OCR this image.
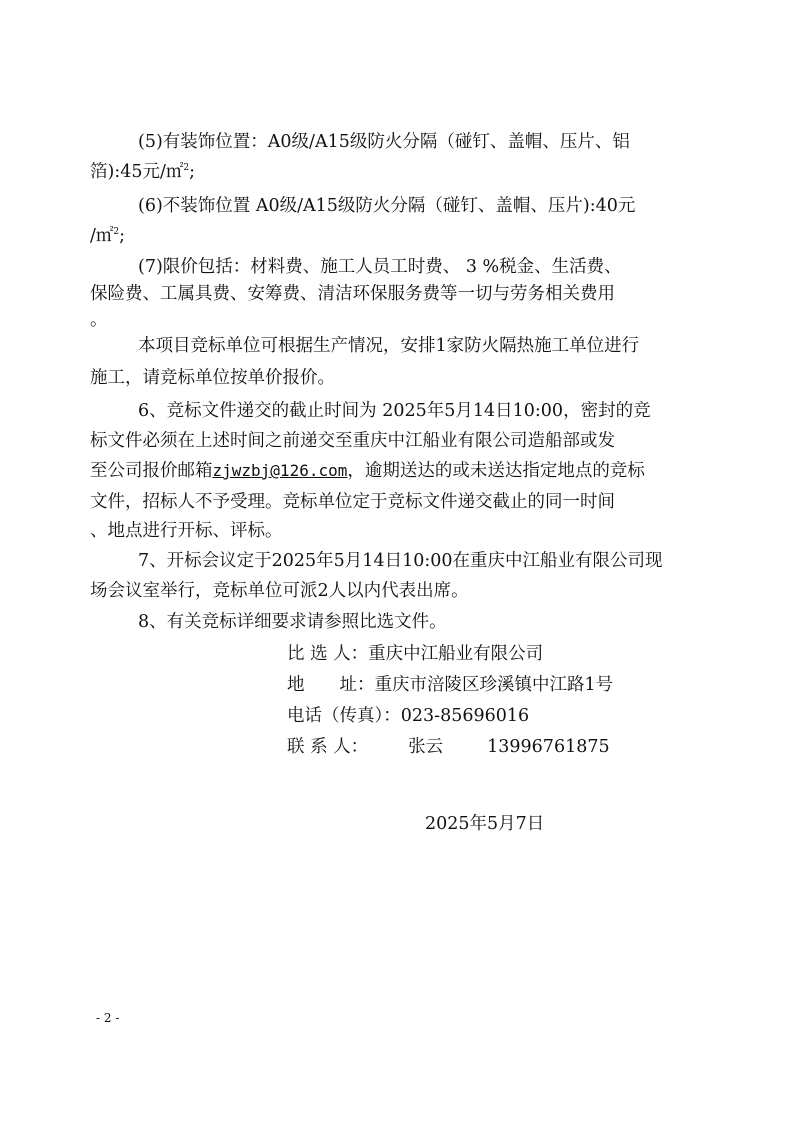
(5)有装饰位置：A0级/A15级防火分隔（碰钉、盖帽、压片、铝
箔):45元/㎡$^2$;
(6)不装饰位置 A0级/A15级防火分隔（碰钉、盖帽、压片):40元
/㎡$^2$;
(7)限价包括：材料费、施工人员工时费、 3 %税金、生活费、
保险费、工属具费、安筹费、清洁环保服务费等一切与劳务相关费用
。
本项目竞标单位可根据生产情况，安排1家防火隔热施工单位进行
施工，请竞标单位按单价报价。
6、竞标文件递交的截止时间为 2025年5月14日10:00，密封的竞
标文件必须在上述时间之前递交至重庆中江船业有限公司造船部或发
至公司报价邮箱zjwzbj@126.com，逾期送达的或未送达指定地点的竞标
文件，招标人不予受理。竞标单位定于竞标文件递交截止的同一时间
、地点进行开标、评标。
7、开标会议定于2025年5月14日10:00在重庆中江船业有限公司现
场会议室举行，竞标单位可派2人以内代表出席。
8、有关竞标详细要求请参照比选文件。
比 选 人：重庆中江船业有限公司
地　　址：重庆市涪陵区珍溪镇中江路1号
电话（传真）：023-85696016
联 系 人： 张云	13996761875
2025年5月7日
- 2 -
